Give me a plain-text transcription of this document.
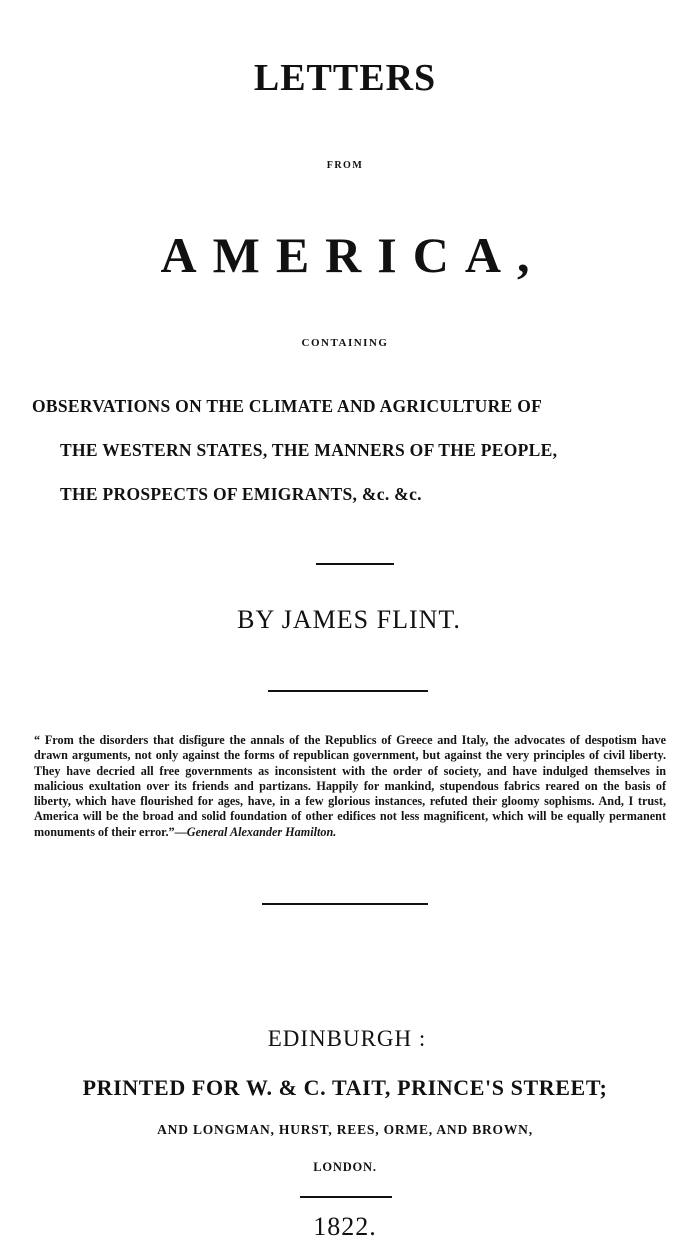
LETTERS
FROM
AMERICA,
CONTAINING
OBSERVATIONS ON THE CLIMATE AND AGRICULTURE OF
THE WESTERN STATES, THE MANNERS OF THE PEOPLE,
THE PROSPECTS OF EMIGRANTS, &c. &c.
BY JAMES FLINT.
“ From the disorders that disfigure the annals of the Republics of Greece and Italy, the advocates of despotism have drawn arguments, not only against the forms of republican government, but against the very principles of civil liberty. They have decried all free governments as inconsistent with the order of society, and have indulged themselves in malicious exultation over its friends and partizans. Happily for mankind, stupendous fabrics reared on the basis of liberty, which have flourished for ages, have, in a few glorious instances, refuted their gloomy sophisms. And, I trust, America will be the broad and solid foundation of other edifices not less magnificent, which will be equally permanent monuments of their error.”—General Alexander Hamilton.
EDINBURGH :
PRINTED FOR W. & C. TAIT, PRINCE'S STREET;
AND LONGMAN, HURST, REES, ORME, AND BROWN,
LONDON.
1822.
